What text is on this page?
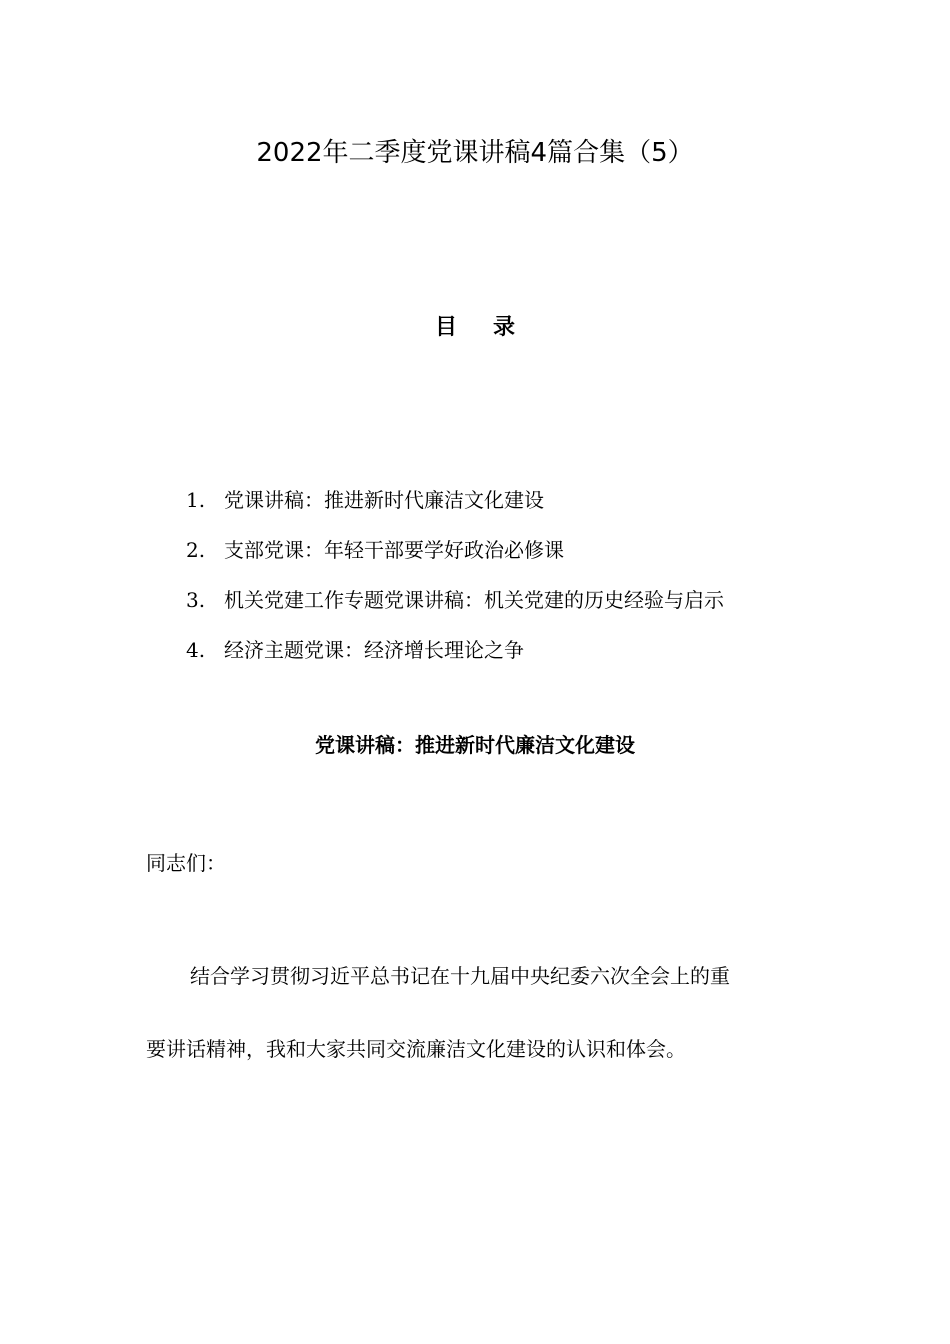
2022年二季度党课讲稿4篇合集（5）
目录
1. 党课讲稿：推进新时代廉洁文化建设
2. 支部党课：年轻干部要学好政治必修课
3. 机关党建工作专题党课讲稿：机关党建的历史经验与启示
4. 经济主题党课：经济增长理论之争
党课讲稿：推进新时代廉洁文化建设
同志们：

结合学习贯彻习近平总书记在十九届中央纪委六次全会上的重
要讲话精神，我和大家共同交流廉洁文化建设的认识和体会。
